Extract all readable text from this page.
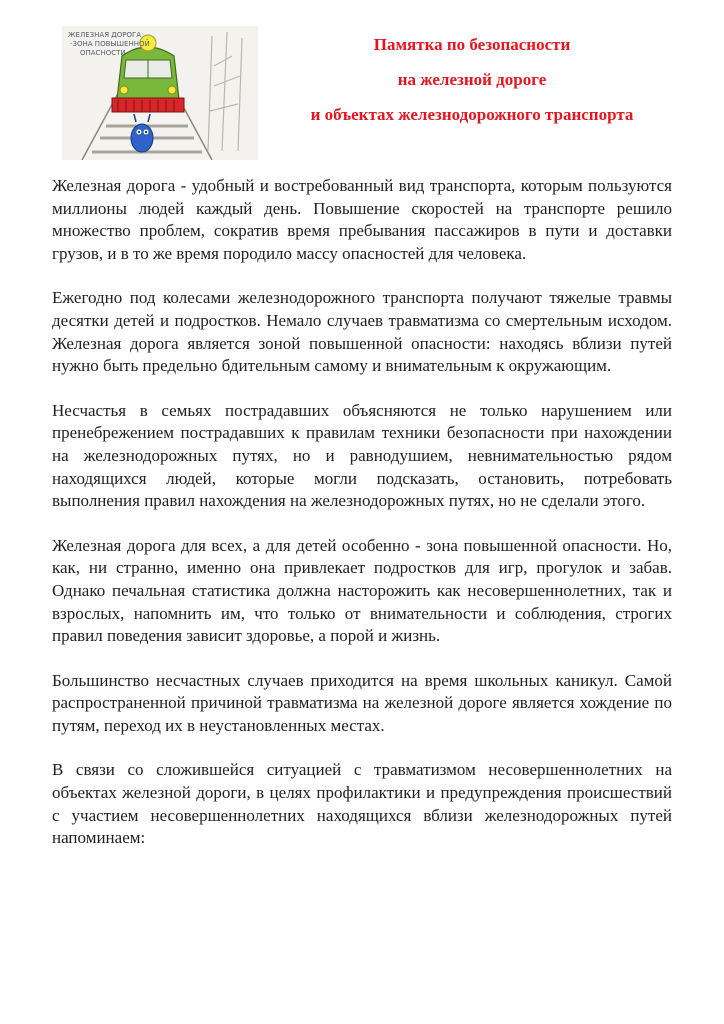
ЖЕЛЕЗНАЯ ДОРОГА
-ЗОНА ПОВЫШЕННОЙ
ОПАСНОСТИ	Памятка по безопасности
на железной дороге
и объектах железнодорожного транспорта

Железная дорога - удобный и востребованный вид транспорта, которым пользуются миллионы людей каждый день. Повышение скоростей на транспорте решило множество проблем, сократив время пребывания пассажиров в пути и доставки грузов, и в то же время породило массу опасностей для человека.

Ежегодно под колесами железнодорожного транспорта получают тяжелые травмы десятки детей и подростков. Немало случаев травматизма со смертельным исходом. Железная дорога является зоной повышенной опасности: находясь вблизи путей нужно быть предельно бдительным самому и внимательным к окружающим.

Несчастья в семьях пострадавших объясняются не только нарушением или пренебрежением пострадавших к правилам техники безопасности при нахождении на железнодорожных путях, но и равнодушием, невнимательностью рядом находящихся людей, которые могли подсказать, остановить, потребовать выполнения правил нахождения на железнодорожных путях, но не сделали этого.

Железная дорога для всех, а для детей особенно - зона повышенной опасности. Но, как, ни странно, именно она привлекает подростков для игр, прогулок и забав. Однако печальная статистика должна насторожить как несовершеннолетних, так и взрослых, напомнить им, что только от внимательности и соблюдения, строгих правил поведения зависит здоровье, а порой и жизнь.

Большинство несчастных случаев приходится на время школьных каникул. Самой распространенной причиной травматизма на железной дороге является хождение по путям, переход их в неустановленных местах.

В связи со сложившейся ситуацией с травматизмом несовершеннолетних на объектах железной дороги, в целях профилактики и предупреждения происшествий с участием несовершеннолетних находящихся вблизи железнодорожных путей напоминаем:
